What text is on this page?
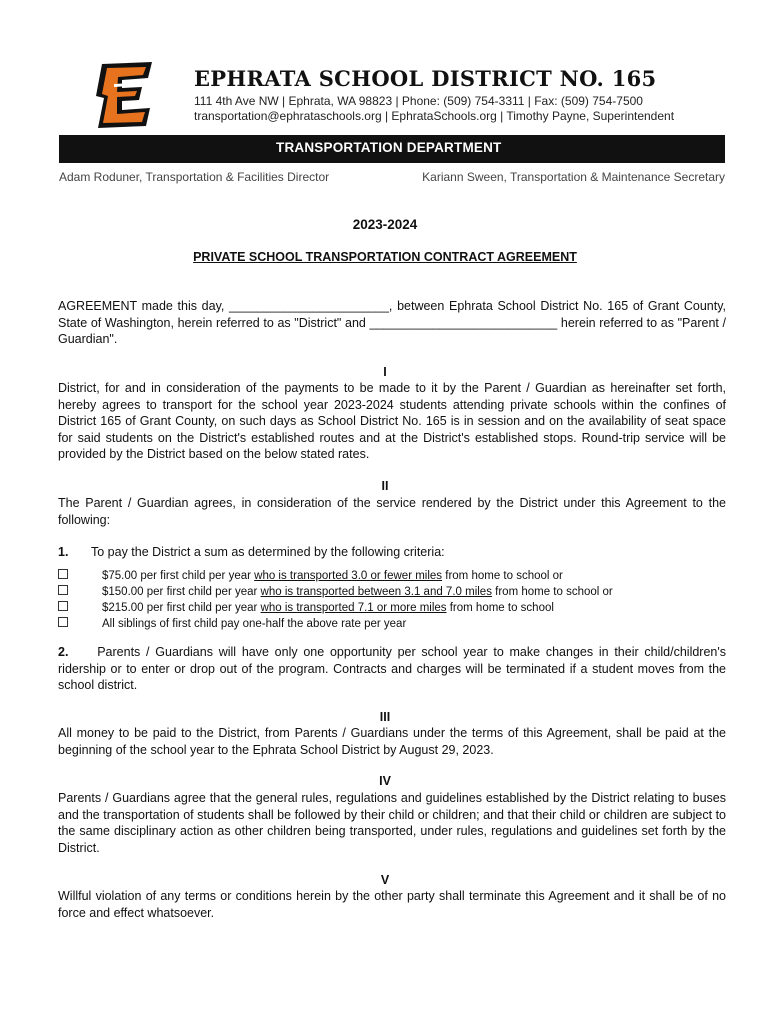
EPHRATA SCHOOL DISTRICT NO. 165
111 4th Ave NW | Ephrata, WA 98823 | Phone: (509) 754-3311 | Fax: (509) 754-7500
transportation@ephrataschools.org | EphrataSchools.org | Timothy Payne, Superintendent
TRANSPORTATION DEPARTMENT
Adam Roduner, Transportation & Facilities Director	Kariann Sween, Transportation & Maintenance Secretary
2023-2024
PRIVATE SCHOOL TRANSPORTATION CONTRACT AGREEMENT
AGREEMENT made this day, _______________________, between Ephrata School District No. 165 of Grant County, State of Washington, herein referred to as "District" and ___________________________ herein referred to as "Parent / Guardian".
I
District, for and in consideration of the payments to be made to it by the Parent / Guardian as hereinafter set forth, hereby agrees to transport for the school year 2023-2024 students attending private schools within the confines of District 165 of Grant County, on such days as School District No. 165 is in session and on the availability of seat space for said students on the District's established routes and at the District's established stops. Round-trip service will be provided by the District based on the below stated rates.
II
The Parent / Guardian agrees, in consideration of the service rendered by the District under this Agreement to the following:
1. To pay the District a sum as determined by the following criteria:
$75.00 per first child per year who is transported 3.0 or fewer miles from home to school or
$150.00 per first child per year who is transported between 3.1 and 7.0 miles from home to school or
$215.00 per first child per year who is transported 7.1 or more miles from home to school
All siblings of first child pay one-half the above rate per year
2. Parents / Guardians will have only one opportunity per school year to make changes in their child/children's ridership or to enter or drop out of the program. Contracts and charges will be terminated if a student moves from the school district.
III
All money to be paid to the District, from Parents / Guardians under the terms of this Agreement, shall be paid at the beginning of the school year to the Ephrata School District by August 29, 2023.
IV
Parents / Guardians agree that the general rules, regulations and guidelines established by the District relating to buses and the transportation of students shall be followed by their child or children; and that their child or children are subject to the same disciplinary action as other children being transported, under rules, regulations and guidelines set forth by the District.
V
Willful violation of any terms or conditions herein by the other party shall terminate this Agreement and it shall be of no force and effect whatsoever.
